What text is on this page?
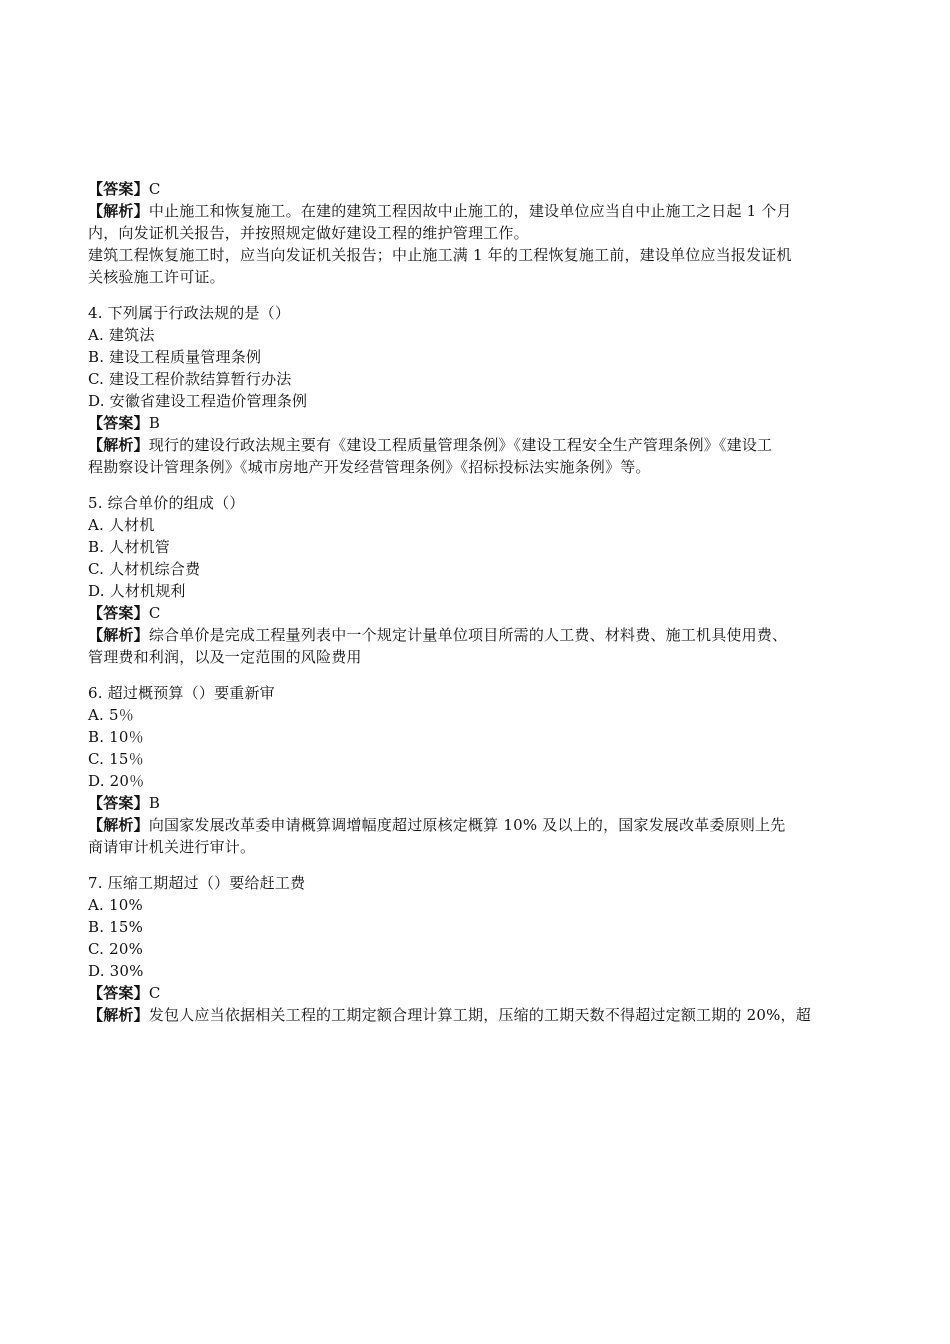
【答案】C
【解析】中止施工和恢复施工。在建的建筑工程因故中止施工的，建设单位应当自中止施工之日起 1 个月
内，向发证机关报告，并按照规定做好建设工程的维护管理工作。
建筑工程恢复施工时，应当向发证机关报告；中止施工满 1 年的工程恢复施工前，建设单位应当报发证机
关核验施工许可证。
4. 下列属于行政法规的是（）
A. 建筑法
B. 建设工程质量管理条例
C. 建设工程价款结算暂行办法
D. 安徽省建设工程造价管理条例
【答案】B
【解析】现行的建设行政法规主要有《建设工程质量管理条例》《建设工程安全生产管理条例》《建设工
程勘察设计管理条例》《城市房地产开发经营管理条例》《招标投标法实施条例》等。
5. 综合单价的组成（）
A. 人材机
B. 人材机管
C. 人材机综合费
D. 人材机规利
【答案】C
【解析】综合单价是完成工程量列表中一个规定计量单位项目所需的人工费、材料费、施工机具使用费、
管理费和利润，以及一定范围的风险费用
6. 超过概预算（）要重新审
A. 5％
B. 10％
C. 15％
D. 20％
【答案】B
【解析】向国家发展改革委申请概算调增幅度超过原核定概算 10% 及以上的，国家发展改革委原则上先
商请审计机关进行审计。
7. 压缩工期超过（）要给赶工费
A. 10%
B. 15%
C. 20%
D. 30%
【答案】C
【解析】发包人应当依据相关工程的工期定额合理计算工期，压缩的工期天数不得超过定额工期的 20%，超
